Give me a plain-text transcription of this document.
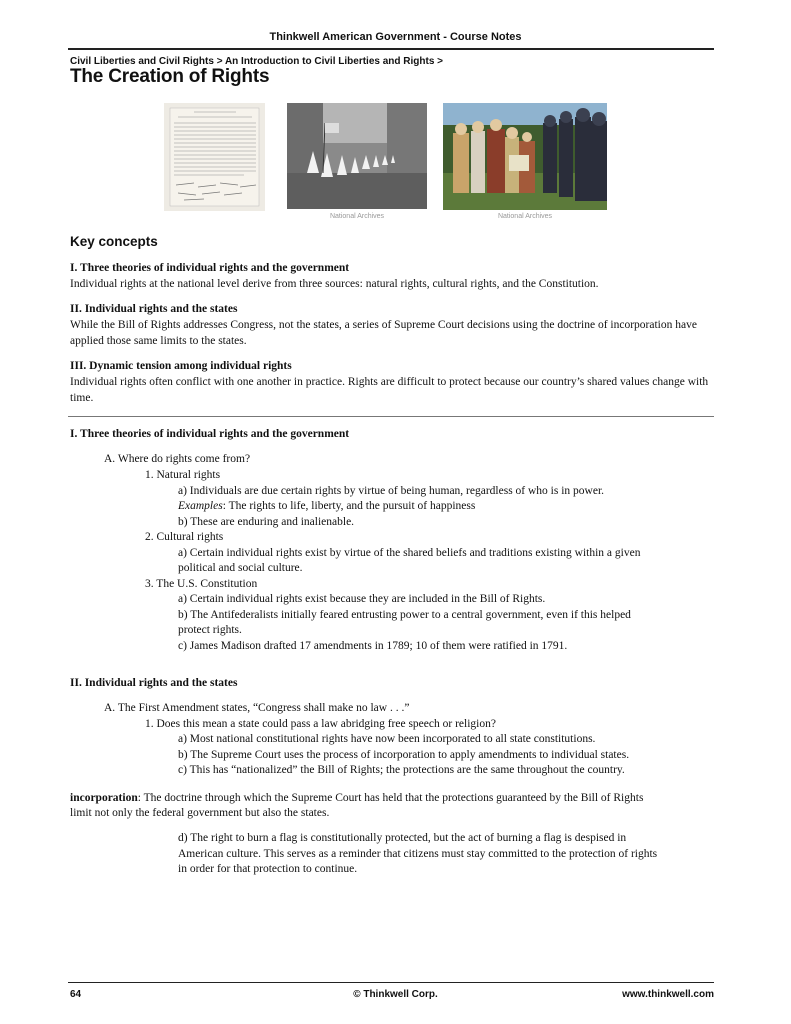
Thinkwell American Government - Course Notes
Civil Liberties and Civil Rights > An Introduction to Civil Liberties and Rights >
The Creation of Rights
National Archives	National Archives
Key concepts
I. Three theories of individual rights and the government
Individual rights at the national level derive from three sources: natural rights, cultural rights, and the Constitution.
II. Individual rights and the states
While the Bill of Rights addresses Congress, not the states, a series of Supreme Court decisions using the doctrine of incorporation have applied those same limits to the states.
III. Dynamic tension among individual rights
Individual rights often conflict with one another in practice. Rights are difficult to protect because our country’s shared values change with time.
I. Three theories of individual rights and the government
A. Where do rights come from?
1. Natural rights
a) Individuals are due certain rights by virtue of being human, regardless of who is in power.
Examples: The rights to life, liberty, and the pursuit of happiness
b) These are enduring and inalienable.
2. Cultural rights
a) Certain individual rights exist by virtue of the shared beliefs and traditions existing within a given
political and social culture.
3. The U.S. Constitution
a) Certain individual rights exist because they are included in the Bill of Rights.
b) The Antifederalists initially feared entrusting power to a central government, even if this helped
protect rights.
c) James Madison drafted 17 amendments in 1789; 10 of them were ratified in 1791.
II. Individual rights and the states
A. The First Amendment states, “Congress shall make no law . . .”
1. Does this mean a state could pass a law abridging free speech or religion?
a) Most national constitutional rights have now been incorporated to all state constitutions.
b) The Supreme Court uses the process of incorporation to apply amendments to individual states.
c) This has “nationalized” the Bill of Rights; the protections are the same throughout the country.
incorporation: The doctrine through which the Supreme Court has held that the protections guaranteed by the Bill of Rights
limit not only the federal government but also the states.
d) The right to burn a flag is constitutionally protected, but the act of burning a flag is despised in
American culture. This serves as a reminder that citizens must stay committed to the protection of rights
in order for that protection to continue.
64	© Thinkwell Corp.	www.thinkwell.com
